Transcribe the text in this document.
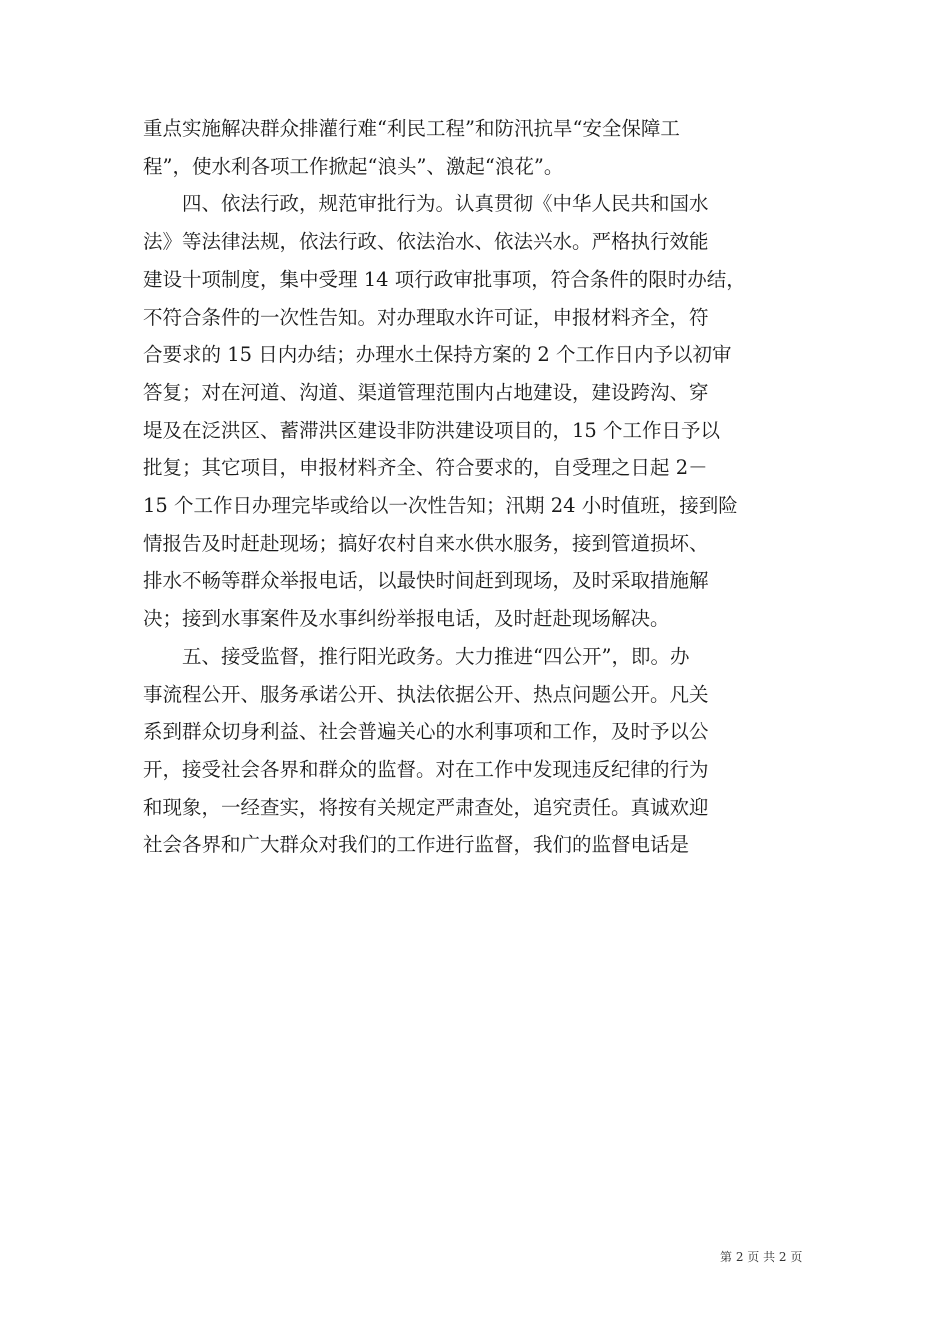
重点实施解决群众排灌行难“利民工程”和防汛抗旱“安全保障工
程”，使水利各项工作掀起“浪头”、激起“浪花”。

四、依法行政，规范审批行为。认真贯彻《中华人民共和国水
法》等法律法规，依法行政、依法治水、依法兴水。严格执行效能
建设十项制度，集中受理 14 项行政审批事项，符合条件的限时办结，
不符合条件的一次性告知。对办理取水许可证，申报材料齐全，符
合要求的 15 日内办结；办理水土保持方案的 2 个工作日内予以初审
答复；对在河道、沟道、渠道管理范围内占地建设，建设跨沟、穿
堤及在泛洪区、蓄滞洪区建设非防洪建设项目的，15 个工作日予以
批复；其它项目，申报材料齐全、符合要求的，自受理之日起 2－
15 个工作日办理完毕或给以一次性告知；汛期 24 小时值班，接到险
情报告及时赶赴现场；搞好农村自来水供水服务，接到管道损坏、
排水不畅等群众举报电话，以最快时间赶到现场，及时采取措施解
决；接到水事案件及水事纠纷举报电话，及时赶赴现场解决。

五、接受监督，推行阳光政务。大力推进“四公开”，即。办
事流程公开、服务承诺公开、执法依据公开、热点问题公开。凡关
系到群众切身利益、社会普遍关心的水利事项和工作，及时予以公
开，接受社会各界和群众的监督。对在工作中发现违反纪律的行为
和现象，一经查实，将按有关规定严肃查处，追究责任。真诚欢迎
社会各界和广大群众对我们的工作进行监督，我们的监督电话是

第 2 页 共 2 页
